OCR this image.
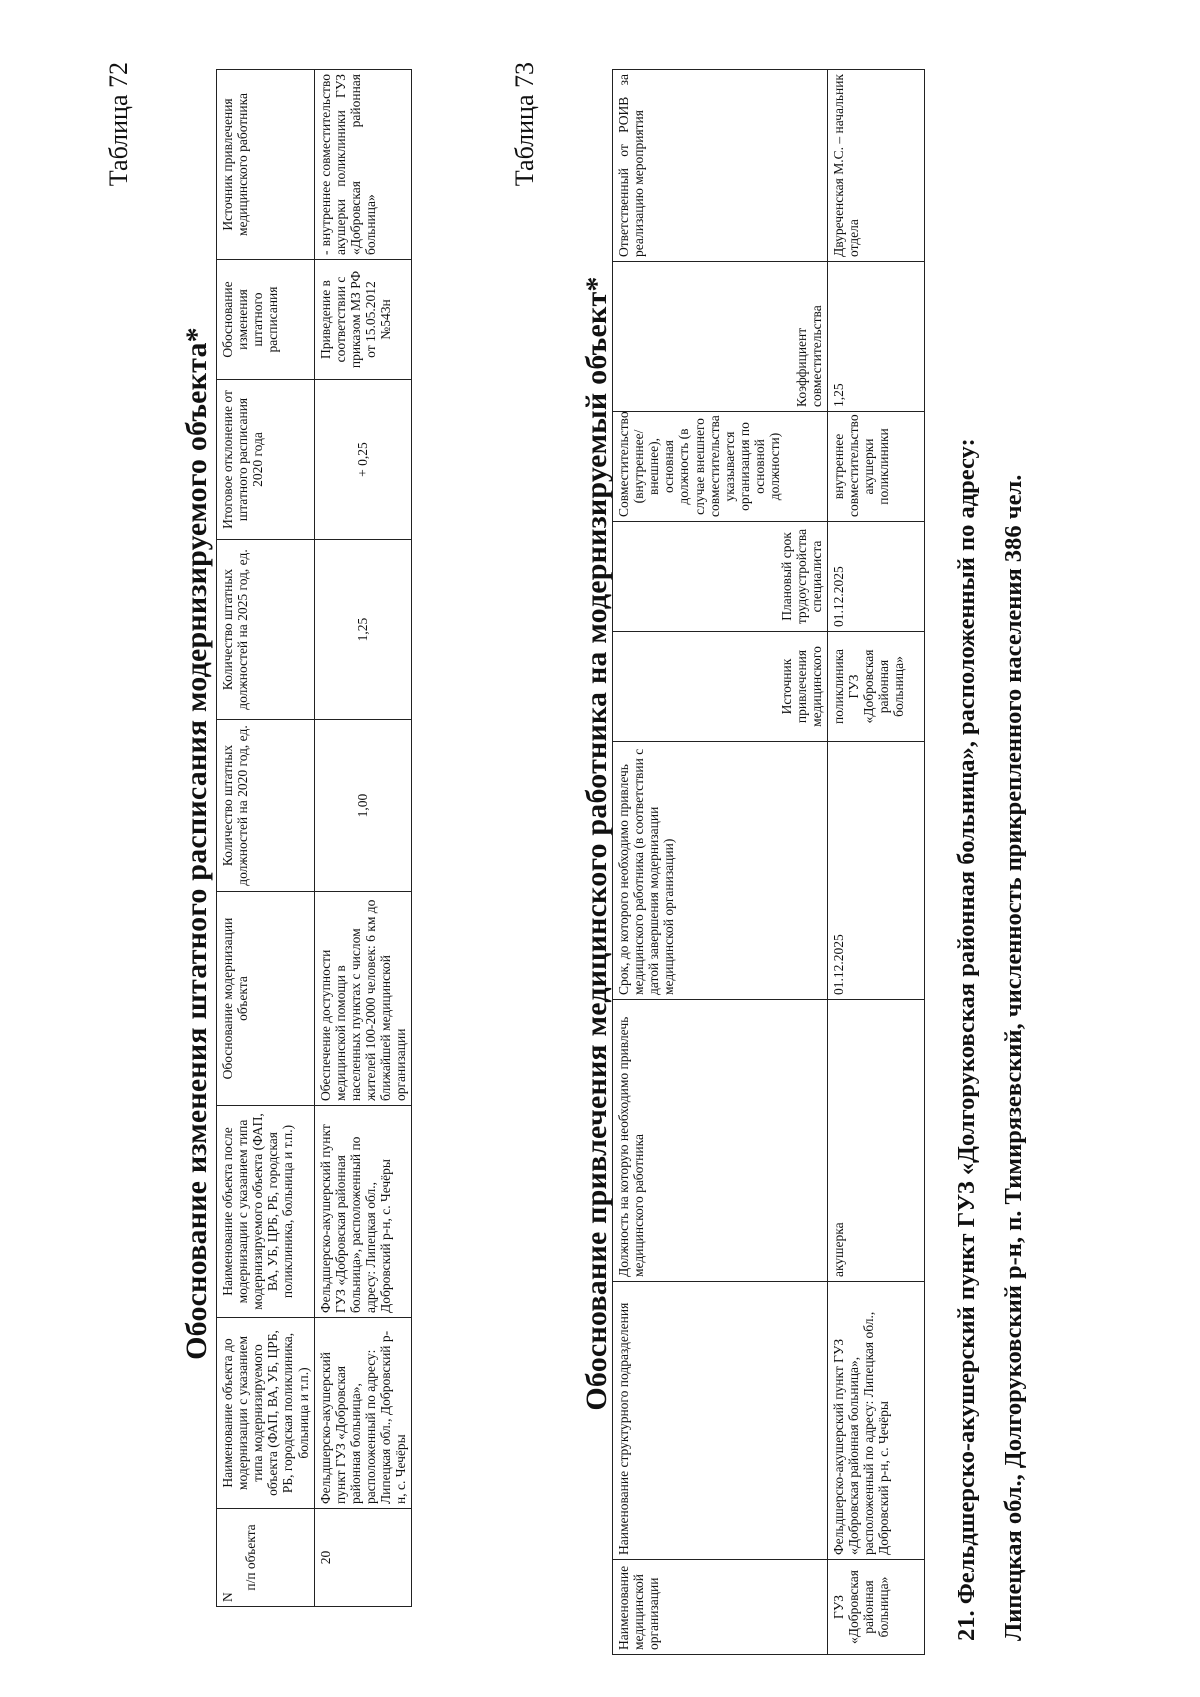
Таблица 72
Обоснование изменения штатного расписания модернизируемого объекта*
N
п/п объекта	Наименование объекта до модернизации с указанием типа модернизируемого объекта (ФАП, ВА, УБ, ЦРБ, РБ, городская поликлиника, больница и т.п.)	Наименование объекта после модернизации с указанием типа модернизируемого объекта (ФАП, ВА, УБ, ЦРБ, РБ, городская поликлиника, больница и т.п.)	Обоснование модернизации объекта	Количество штатных должностей на 2020 год, ед.	Количество штатных должностей на 2025 год, ед.	Итоговое отклонение от штатного расписания 2020 года	Обоснование изменения штатного расписания	Источник привлечения медицинского работника
20	Фельдшерско-акушерский пункт ГУЗ «Добровская районная больница», расположенный по адресу: Липецкая обл., Добровский р-н, с. Чечёры	Фельдшерско-акушерский пункт ГУЗ «Добровская районная больница», расположенный по адресу: Липецкая обл., Добровский р-н, с. Чечёры	Обеспечение доступности медицинской помощи в населенных пунктах с числом жителей 100-2000 человек: 6 км до ближайшей медицинской организации	1,00	1,25	+ 0,25	Приведение в соответствии с приказом МЗ РФ от 15.05.2012 №543н	- внутреннее совместительство акушерки поликлиники ГУЗ «Добровская районная больница»
Таблица 73
Обоснование привлечения медицинского работника на модернизируемый объект*
Наименование медицинской организации	Наименование структурного подразделения	Должность на которую необходимо привлечь медицинского работника	Срок, до которого необходимо привлечь медицинского работника (в соответствии с датой завершения модернизации медицинской организации)	Источник привлечения медицинского	Плановый срок трудоустройства специалиста	Совместительство (внутреннее/внешнее), основная должность (в случае внешнего совместительства указывается организация по основной должности)	Коэффициент совместительства	Ответственный от РОИВ за реализацию мероприятия
ГУЗ «Добровская районная больница»	Фельдшерско-акушерский пункт ГУЗ «Добровская районная больница», расположенный по адресу: Липецкая обл., Добровский р-н, с. Чечёры	акушерка	01.12.2025	поликлиника ГУЗ «Добровская районная больница»	01.12.2025	внутреннее совместительство акушерки поликлиники	1,25	Двуреченская М.С. – начальник отдела
21. Фельдшерско-акушерский пункт ГУЗ «Долгоруковская районная больница», расположенный по адресу: Липецкая обл., Долгоруковский р-н, п. Тимирязевский, численность прикрепленного населения 386 чел.
